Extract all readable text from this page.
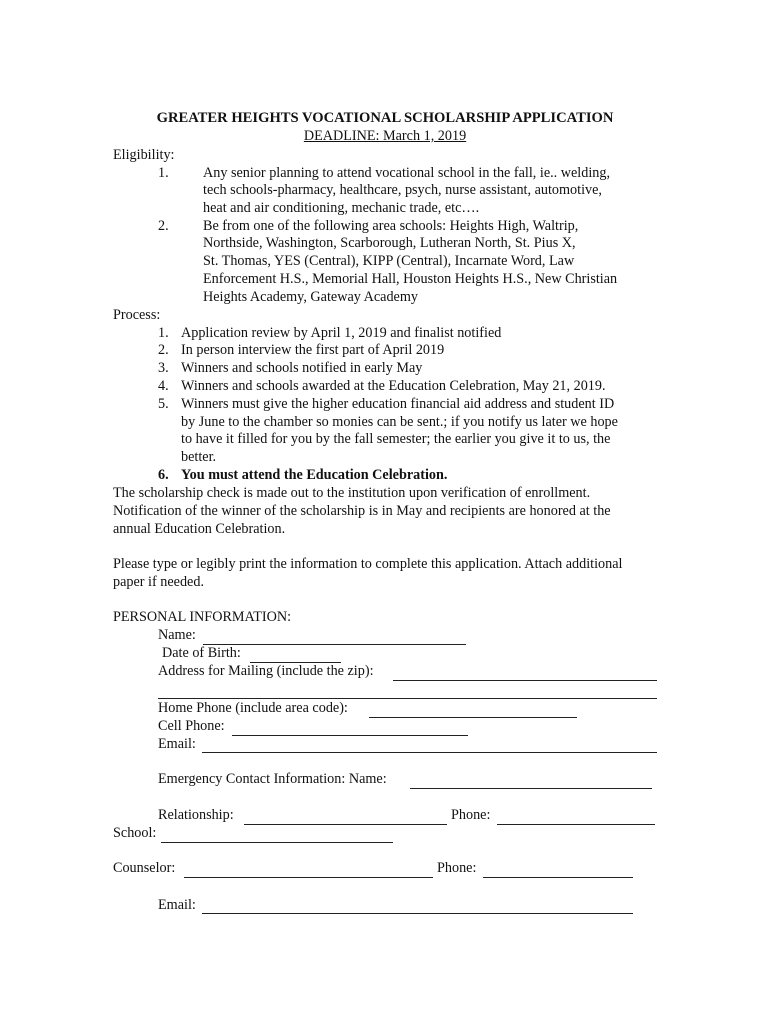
GREATER HEIGHTS VOCATIONAL SCHOLARSHIP APPLICATION
DEADLINE: March 1, 2019
Eligibility:
1. Any senior planning to attend vocational school in the fall, ie.. welding,
tech schools-pharmacy, healthcare, psych, nurse assistant, automotive,
heat and air conditioning, mechanic trade, etc….
2. Be from one of the following area schools: Heights High, Waltrip,
Northside, Washington, Scarborough, Lutheran North, St. Pius X,
St. Thomas, YES (Central), KIPP (Central), Incarnate Word, Law
Enforcement H.S., Memorial Hall, Houston Heights H.S., New Christian
Heights Academy, Gateway Academy
Process:
1. Application review by April 1, 2019 and finalist notified
2. In person interview the first part of April 2019
3. Winners and schools notified in early May
4. Winners and schools awarded at the Education Celebration, May 21, 2019.
5. Winners must give the higher education financial aid address and student ID
by June to the chamber so monies can be sent.; if you notify us later we hope
to have it filled for you by the fall semester; the earlier you give it to us, the
better.
6. You must attend the Education Celebration.
The scholarship check is made out to the institution upon verification of enrollment.
Notification of the winner of the scholarship is in May and recipients are honored at the
annual Education Celebration.
Please type or legibly print the information to complete this application. Attach additional
paper if needed.
PERSONAL INFORMATION:
Name:
Date of Birth:
Address for Mailing (include the zip):
Home Phone (include area code):
Cell Phone:
Email:
Emergency Contact Information: Name:
Relationship:	Phone:
School:
Counselor:	Phone:
Email:
